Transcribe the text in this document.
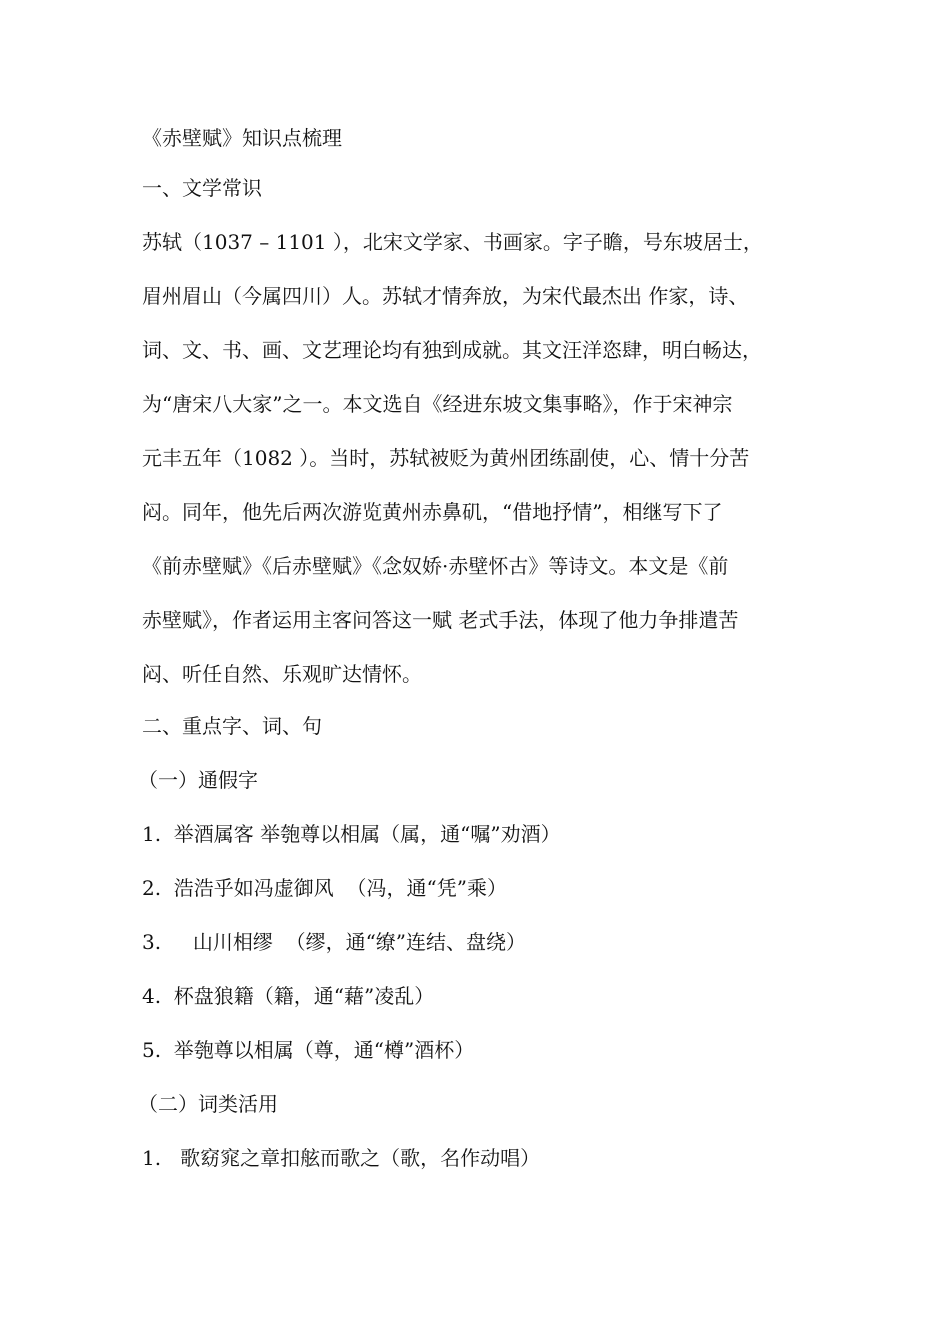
《赤壁赋》知识点梳理
一、文学常识
苏轼（1037 – 1101 ），北宋文学家、书画家。字子瞻，号东坡居士，
眉州眉山（今属四川）人。苏轼才情奔放，为宋代最杰出 作家，诗、
词、文、书、画、文艺理论均有独到成就。其文汪洋恣肆，明白畅达，
为“唐宋八大家”之一。本文选自《经进东坡文集事略》，作于宋神宗
元丰五年（1082 ）。当时，苏轼被贬为黄州团练副使，心、情十分苦
闷。同年，他先后两次游览黄州赤鼻矶，“借地抒情”，相继写下了
《前赤壁赋》《后赤壁赋》《念奴娇·赤壁怀古》等诗文。本文是《前
赤壁赋》，作者运用主客问答这一赋 老式手法，体现了他力争排遣苦
闷、听任自然、乐观旷达情怀。
二、重点字、词、句
（一）通假字
1.  举酒属客 举匏尊以相属（属，通“嘱”劝酒）
2.  浩浩乎如冯虚御风  （冯，通“凭”乘）
3.     山川相缪  （缪，通“缭”连结、盘绕）
4.  杯盘狼籍（籍，通“藉”凌乱）
5.  举匏尊以相属（尊，通“樽”酒杯）
（二）词类活用
1.   歌窈窕之章扣舷而歌之（歌，名作动唱）
